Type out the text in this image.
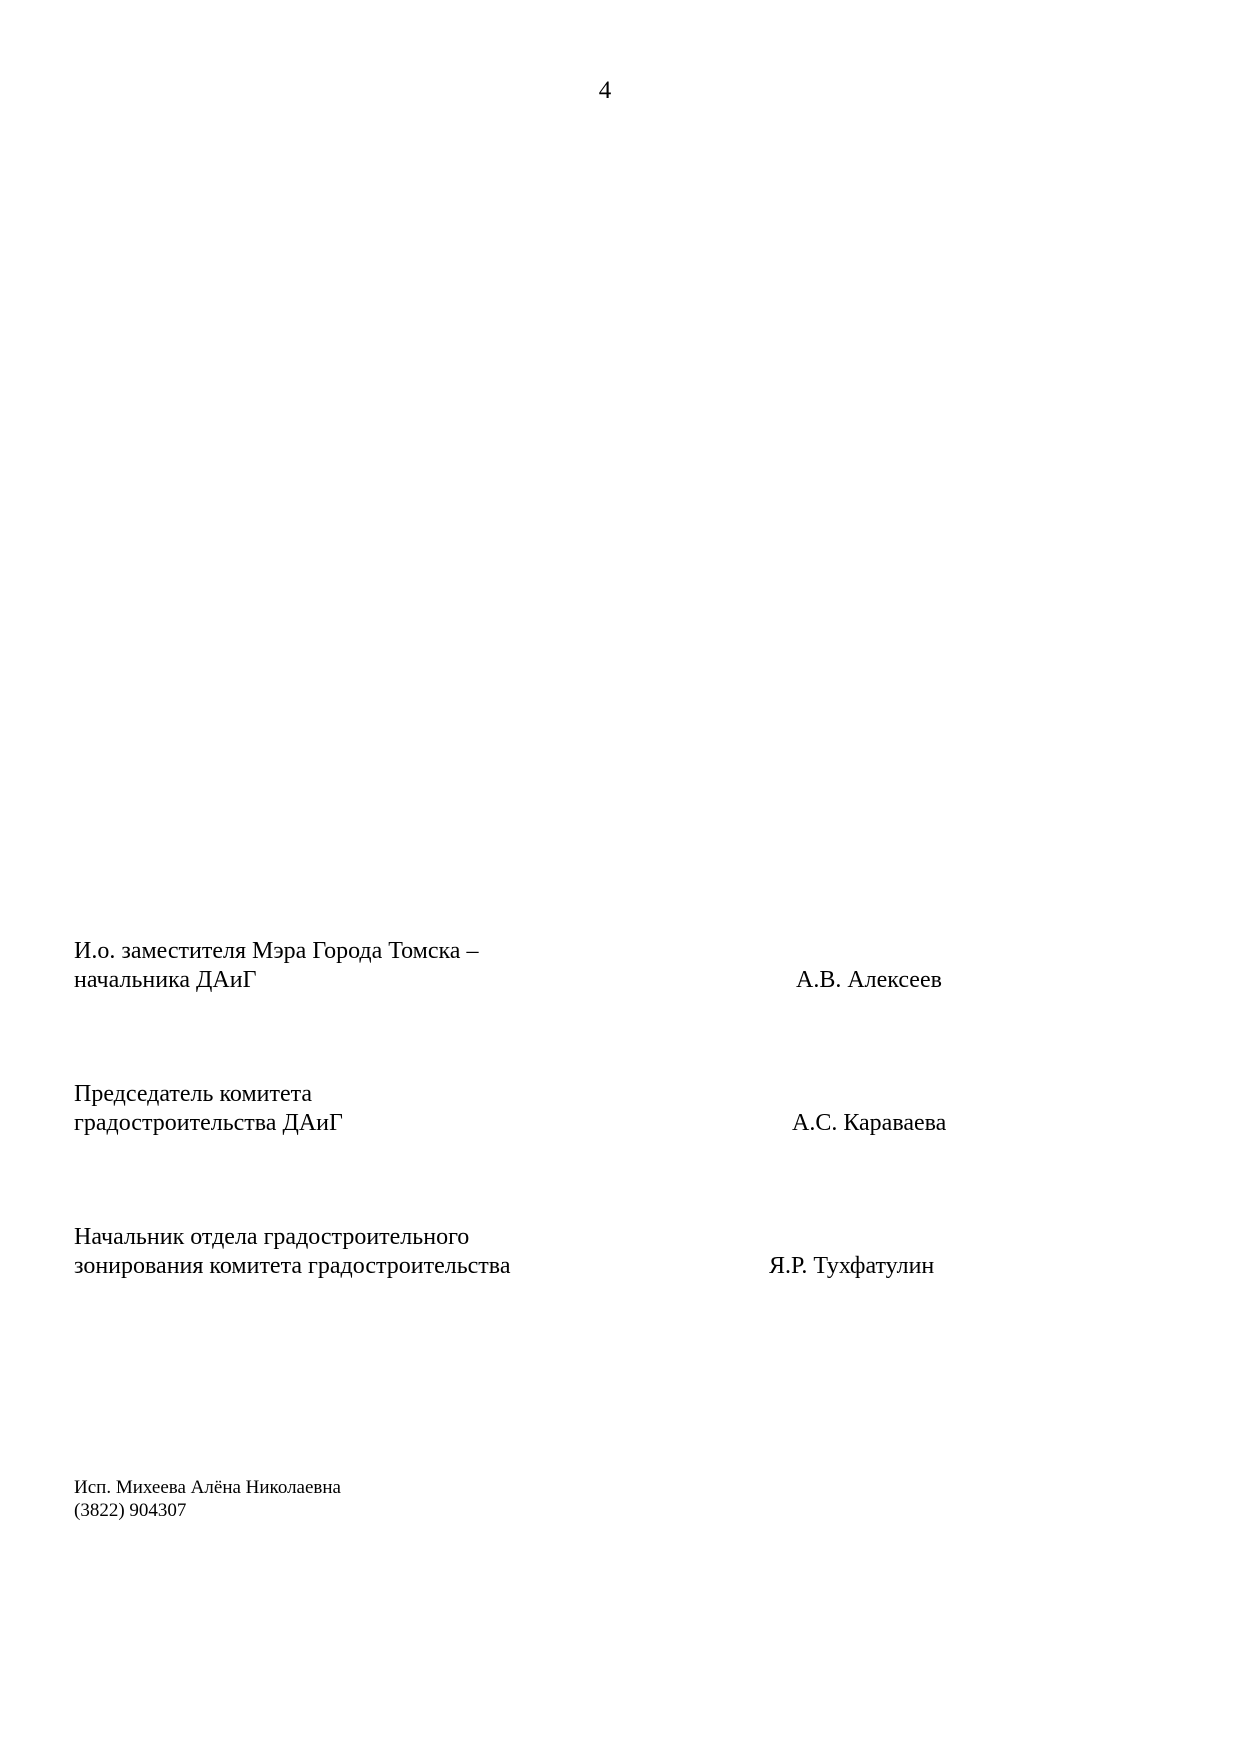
4
И.о. заместителя Мэра Города Томска –
начальника ДАиГ	А.В. Алексеев
Председатель комитета
градостроительства ДАиГ	А.С. Караваева
Начальник отдела градостроительного
зонирования комитета градостроительства	Я.Р. Тухфатулин
Исп. Михеева Алёна Николаевна
(3822) 904307
